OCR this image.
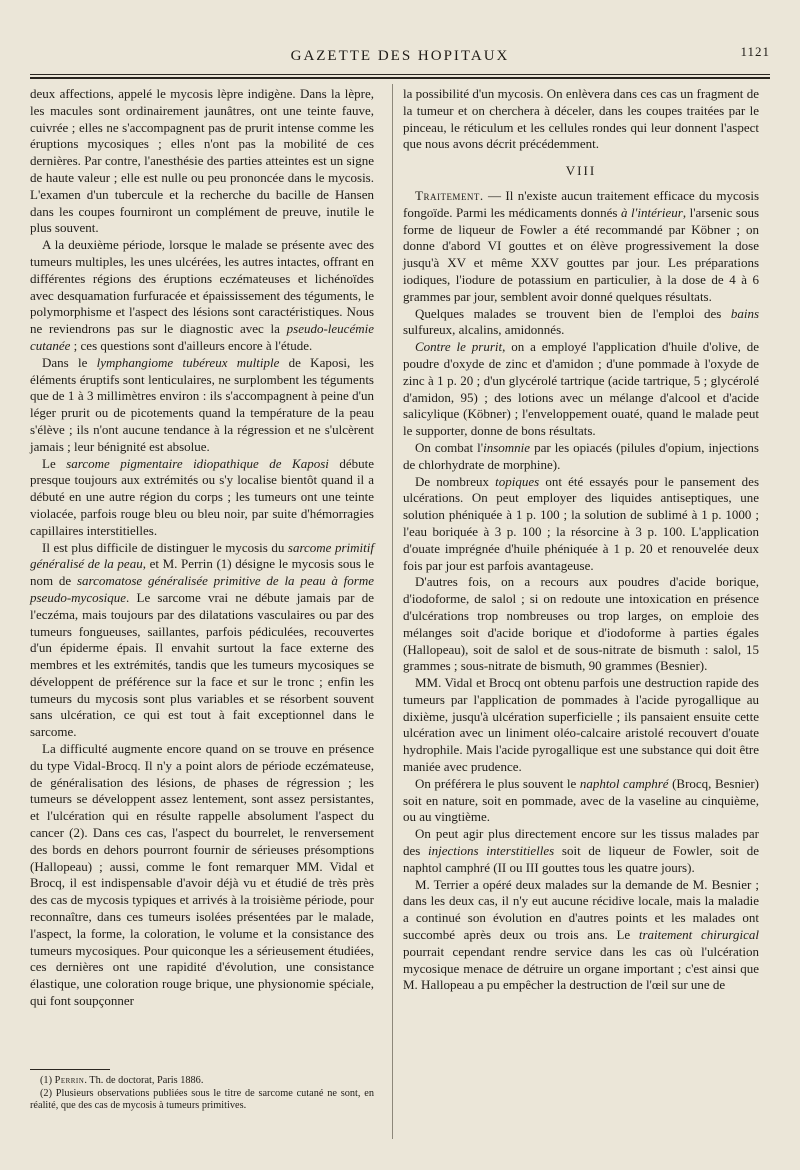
GAZETTE DES HOPITAUX	1121

deux affections, appelé le mycosis lèpre indigène. Dans la lèpre, les macules sont ordinairement jaunâtres, ont une teinte fauve, cuivrée ; elles ne s'accompagnent pas de prurit intense comme les éruptions mycosiques ; elles n'ont pas la mobilité de ces dernières. Par contre, l'anesthésie des parties atteintes est un signe de haute valeur ; elle est nulle ou peu prononcée dans le mycosis. L'examen d'un tubercule et la recherche du bacille de Hansen dans les coupes fourniront un complément de preuve, inutile le plus souvent.

A la deuxième période, lorsque le malade se présente avec des tumeurs multiples, les unes ulcérées, les autres intactes, offrant en différentes régions des éruptions eczémateuses et lichénoïdes avec desquamation furfuracée et épaississement des téguments, le polymorphisme et l'aspect des lésions sont caractéristiques. Nous ne reviendrons pas sur le diagnostic avec la pseudo-leucémie cutanée ; ces questions sont d'ailleurs encore à l'étude.

Dans le lymphangiome tubéreux multiple de Kaposi, les éléments éruptifs sont lenticulaires, ne surplombent les téguments que de 1 à 3 millimètres environ : ils s'accompagnent à peine d'un léger prurit ou de picotements quand la température de la peau s'élève ; ils n'ont aucune tendance à la régression et ne s'ulcèrent jamais ; leur bénignité est absolue.

Le sarcome pigmentaire idiopathique de Kaposi débute presque toujours aux extrémités ou s'y localise bientôt quand il a débuté en une autre région du corps ; les tumeurs ont une teinte violacée, parfois rouge bleu ou bleu noir, par suite d'hémorragies capillaires interstitielles.

Il est plus difficile de distinguer le mycosis du sarcome primitif généralisé de la peau, et M. Perrin (1) désigne le mycosis sous le nom de sarcomatose généralisée primitive de la peau à forme pseudo-mycosique. Le sarcome vrai ne débute jamais par de l'eczéma, mais toujours par des dilatations vasculaires ou par des tumeurs fongueuses, saillantes, parfois pédiculées, recouvertes d'un épiderme épais. Il envahit surtout la face externe des membres et les extrémités, tandis que les tumeurs mycosiques se développent de préférence sur la face et sur le tronc ; enfin les tumeurs du mycosis sont plus variables et se résorbent souvent sans ulcération, ce qui est tout à fait exceptionnel dans le sarcome.

La difficulté augmente encore quand on se trouve en présence du type Vidal-Brocq. Il n'y a point alors de période eczémateuse, de généralisation des lésions, de phases de régression ; les tumeurs se développent assez lentement, sont assez persistantes, et l'ulcération qui en résulte rappelle absolument l'aspect du cancer (2). Dans ces cas, l'aspect du bourrelet, le renversement des bords en dehors pourront fournir de sérieuses présomptions (Hallopeau) ; aussi, comme le font remarquer MM. Vidal et Brocq, il est indispensable d'avoir déjà vu et étudié de très près des cas de mycosis typiques et arrivés à la troisième période, pour reconnaître, dans ces tumeurs isolées présentées par le malade, l'aspect, la forme, la coloration, le volume et la consistance des tumeurs mycosiques. Pour quiconque les a sérieusement étudiées, ces dernières ont une rapidité d'évolution, une consistance élastique, une coloration rouge brique, une physionomie spéciale, qui font soupçonner

(1) Perrin. Th. de doctorat, Paris 1886.

(2) Plusieurs observations publiées sous le titre de sarcome cutané ne sont, en réalité, que des cas de mycosis à tumeurs primitives.

la possibilité d'un mycosis. On enlèvera dans ces cas un fragment de la tumeur et on cherchera à déceler, dans les coupes traitées par le pinceau, le réticulum et les cellules rondes qui leur donnent l'aspect que nous avons décrit précédemment.

VIII

Traitement. — Il n'existe aucun traitement efficace du mycosis fongoïde. Parmi les médicaments donnés à l'intérieur, l'arsenic sous forme de liqueur de Fowler a été recommandé par Köbner ; on donne d'abord VI gouttes et on élève progressivement la dose jusqu'à XV et même XXV gouttes par jour. Les préparations iodiques, l'iodure de potassium en particulier, à la dose de 4 à 6 grammes par jour, semblent avoir donné quelques résultats.

Quelques malades se trouvent bien de l'emploi des bains sulfureux, alcalins, amidonnés.

Contre le prurit, on a employé l'application d'huile d'olive, de poudre d'oxyde de zinc et d'amidon ; d'une pommade à l'oxyde de zinc à 1 p. 20 ; d'un glycérolé tartrique (acide tartrique, 5 ; glycérolé d'amidon, 95) ; des lotions avec un mélange d'alcool et d'acide salicylique (Köbner) ; l'enveloppement ouaté, quand le malade peut le supporter, donne de bons résultats.

On combat l'insomnie par les opiacés (pilules d'opium, injections de chlorhydrate de morphine).

De nombreux topiques ont été essayés pour le pansement des ulcérations. On peut employer des liquides antiseptiques, une solution phéniquée à 1 p. 100 ; la solution de sublimé à 1 p. 1000 ; l'eau boriquée à 3 p. 100 ; la résorcine à 3 p. 100. L'application d'ouate imprégnée d'huile phéniquée à 1 p. 20 et renouvelée deux fois par jour est parfois avantageuse.

D'autres fois, on a recours aux poudres d'acide borique, d'iodoforme, de salol ; si on redoute une intoxication en présence d'ulcérations trop nombreuses ou trop larges, on emploie des mélanges soit d'acide borique et d'iodoforme à parties égales (Hallopeau), soit de salol et de sous-nitrate de bismuth : salol, 15 grammes ; sous-nitrate de bismuth, 90 grammes (Besnier).

MM. Vidal et Brocq ont obtenu parfois une destruction rapide des tumeurs par l'application de pommades à l'acide pyrogallique au dixième, jusqu'à ulcération superficielle ; ils pansaient ensuite cette ulcération avec un liniment oléo-calcaire aristolé recouvert d'ouate hydrophile. Mais l'acide pyrogallique est une substance qui doit être maniée avec prudence.

On préférera le plus souvent le naphtol camphré (Brocq, Besnier) soit en nature, soit en pommade, avec de la vaseline au cinquième, ou au vingtième.

On peut agir plus directement encore sur les tissus malades par des injections interstitielles soit de liqueur de Fowler, soit de naphtol camphré (II ou III gouttes tous les quatre jours).

M. Terrier a opéré deux malades sur la demande de M. Besnier ; dans les deux cas, il n'y eut aucune récidive locale, mais la maladie a continué son évolution en d'autres points et les malades ont succombé après deux ou trois ans. Le traitement chirurgical pourrait cependant rendre service dans les cas où l'ulcération mycosique menace de détruire un organe important ; c'est ainsi que M. Hallopeau a pu empêcher la destruction de l'œil sur une de
